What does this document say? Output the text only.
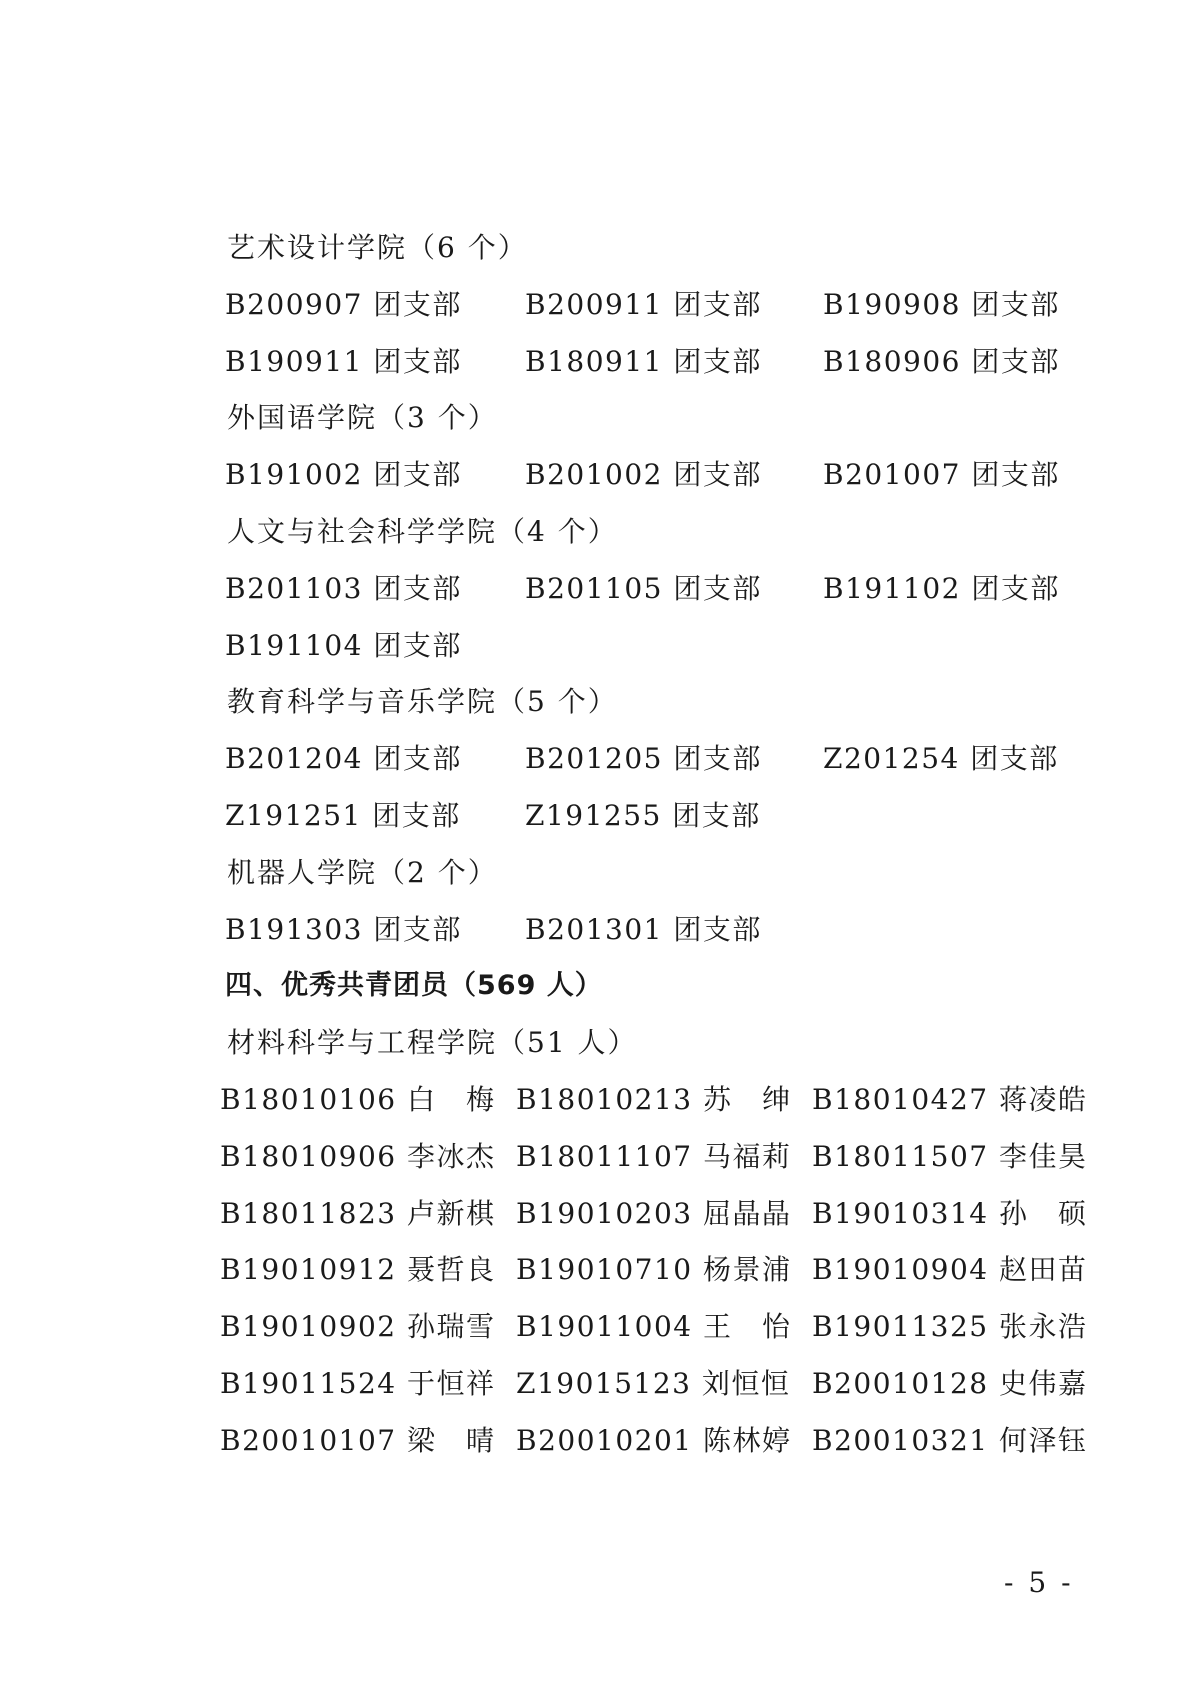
艺术设计学院（6 个）
B200907 团支部 B200911 团支部 B190908 团支部
B190911 团支部 B180911 团支部 B180906 团支部
外国语学院（3 个）
B191002 团支部 B201002 团支部 B201007 团支部
人文与社会科学学院（4 个）
B201103 团支部 B201105 团支部 B191102 团支部
B191104 团支部
教育科学与音乐学院（5 个）
B201204 团支部 B201205 团支部 Z201254 团支部
Z191251 团支部 Z191255 团支部
机器人学院（2 个）
B191303 团支部 B201301 团支部
四、优秀共青团员（569 人）
材料科学与工程学院（51 人）
B18010106 白　梅 B18010213 苏　绅 B18010427 蒋凌皓
B18010906 李冰杰 B18011107 马福莉 B18011507 李佳昊
B18011823 卢新棋 B19010203 屈晶晶 B19010314 孙　硕
B19010912 聂哲良 B19010710 杨景浦 B19010904 赵田苗
B19010902 孙瑞雪 B19011004 王　怡 B19011325 张永浩
B19011524 于恒祥 Z19015123 刘恒恒 B20010128 史伟嘉
B20010107 梁　晴 B20010201 陈林婷 B20010321 何泽钰
- 5 -
